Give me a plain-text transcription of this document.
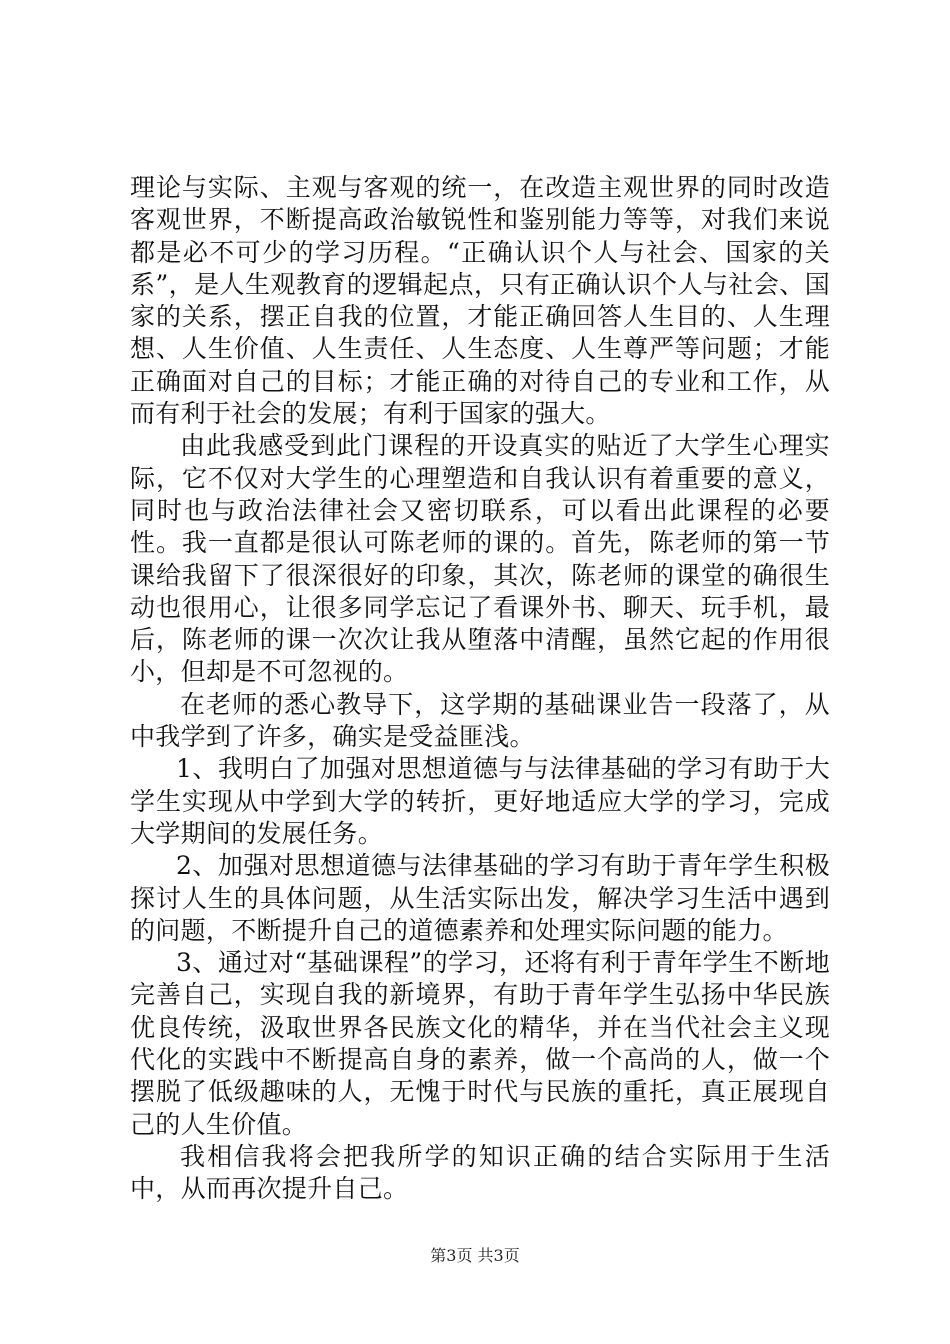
理论与实际、主观与客观的统一，在改造主观世界的同时改造客观世界，不断提高政治敏锐性和鉴别能力等等，对我们来说都是必不可少的学习历程。“正确认识个人与社会、国家的关系”，是人生观教育的逻辑起点，只有正确认识个人与社会、国家的关系，摆正自我的位置，才能正确回答人生目的、人生理想、人生价值、人生责任、人生态度、人生尊严等问题；才能正确面对自己的目标；才能正确的对待自己的专业和工作，从而有利于社会的发展；有利于国家的强大。

由此我感受到此门课程的开设真实的贴近了大学生心理实际，它不仅对大学生的心理塑造和自我认识有着重要的意义，同时也与政治法律社会又密切联系，可以看出此课程的必要性。我一直都是很认可陈老师的课的。首先，陈老师的第一节课给我留下了很深很好的印象，其次，陈老师的课堂的确很生动也很用心，让很多同学忘记了看课外书、聊天、玩手机，最后，陈老师的课一次次让我从堕落中清醒，虽然它起的作用很小，但却是不可忽视的。

在老师的悉心教导下，这学期的基础课业告一段落了，从中我学到了许多，确实是受益匪浅。

1、我明白了加强对思想道德与与法律基础的学习有助于大学生实现从中学到大学的转折，更好地适应大学的学习，完成大学期间的发展任务。

2、加强对思想道德与法律基础的学习有助于青年学生积极探讨人生的具体问题，从生活实际出发，解决学习生活中遇到的问题，不断提升自己的道德素养和处理实际问题的能力。

3、通过对“基础课程”的学习，还将有利于青年学生不断地完善自己，实现自我的新境界，有助于青年学生弘扬中华民族优良传统，汲取世界各民族文化的精华，并在当代社会主义现代化的实践中不断提高自身的素养，做一个高尚的人，做一个摆脱了低级趣味的人，无愧于时代与民族的重托，真正展现自己的人生价值。

我相信我将会把我所学的知识正确的结合实际用于生活中，从而再次提升自己。

第3页 共3页
